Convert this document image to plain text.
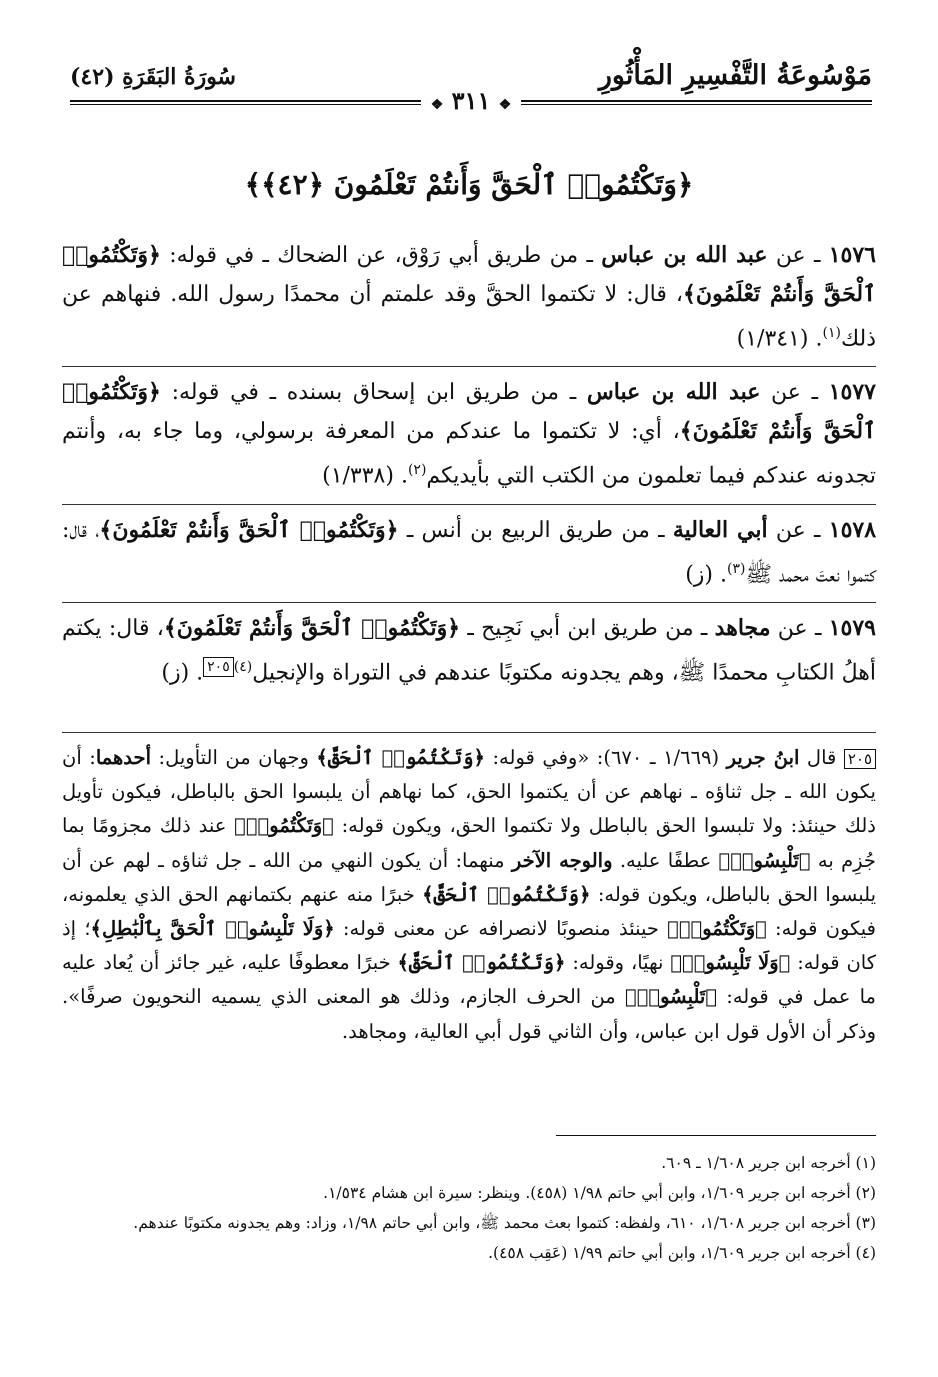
مَوْسُوعَةُ التَّفْسِيرِ المَأْثُورِ
سُورَةُ البَقَرَةِ (٤٢)
❖ ٣١١ ❖
﴿وَتَكْتُمُوا۟ ٱلْحَقَّ وَأَنتُمْ تَعْلَمُونَ ﴿٤٢﴾﴾

١٥٧٦ ـ عن عبد الله بن عباس ـ من طريق أبي رَوْق، عن الضحاك ـ في قوله: ﴿وَتَكْتُمُوا۟ ٱلْحَقَّ وَأَنتُمْ تَعْلَمُونَ﴾، قال: لا تكتموا الحقَّ وقد علمتم أن محمدًا رسول الله. فنهاهم عن ذلك$^{(١)}$. (١/٣٤١)

١٥٧٧ ـ عن عبد الله بن عباس ـ من طريق ابن إسحاق بسنده ـ في قوله: ﴿وَتَكْتُمُوا۟ ٱلْحَقَّ وَأَنتُمْ تَعْلَمُونَ﴾، أي: لا تكتموا ما عندكم من المعرفة برسولي، وما جاء به، وأنتم تجدونه عندكم فيما تعلمون من الكتب التي بأيديكم$^{(٢)}$. (١/٣٣٨)

١٥٧٨ ـ عن أبي العالية ـ من طريق الربيع بن أنس ـ ﴿وَتَكْتُمُوا۟ ٱلْحَقَّ وَأَنتُمْ تَعْلَمُونَ﴾، قال: كتموا نعتَ محمد ﷺ$^{(٣)}$. (ز)

١٥٧٩ ـ عن مجاهد ـ من طريق ابن أبي نَجِيح ـ ﴿وَتَكْتُمُوا۟ ٱلْحَقَّ وَأَنتُمْ تَعْلَمُونَ﴾، قال: يكتم أهلُ الكتابِ محمدًا ﷺ، وهم يجدونه مكتوبًا عندهم في التوراة والإنجيل$^{(٤)}$٢٠٥. (ز)

٢٠٥ قال ابنُ جرير (١/٦٦٩ ـ ٦٧٠): «وفي قوله: ﴿وَتَكْتُمُوا۟ ٱلْحَقَّ﴾ وجهان من التأويل: أحدهما: أن يكون الله ـ جل ثناؤه ـ نهاهم عن أن يكتموا الحق، كما نهاهم أن يلبسوا الحق بالباطل، فيكون تأويل ذلك حينئذ: ولا تلبسوا الحق بالباطل ولا تكتموا الحق، ويكون قوله: ﴿وَتَكْتُمُوا۟﴾ عند ذلك مجزومًا بما جُزِم به ﴿تَلْبِسُوا۟﴾ عطفًا عليه. والوجه الآخر منهما: أن يكون النهي من الله ـ جل ثناؤه ـ لهم عن أن يلبسوا الحق بالباطل، ويكون قوله: ﴿وَتَكْتُمُوا۟ ٱلْحَقَّ﴾ خبرًا منه عنهم بكتمانهم الحق الذي يعلمونه، فيكون قوله: ﴿وَتَكْتُمُوا۟﴾ حينئذ منصوبًا لانصرافه عن معنى قوله: ﴿وَلَا تَلْبِسُوا۟ ٱلْحَقَّ بِٱلْبَٰطِلِ﴾؛ إذ كان قوله: ﴿وَلَا تَلْبِسُوا۟﴾ نهيًا، وقوله: ﴿وَتَكْتُمُوا۟ ٱلْحَقَّ﴾ خبرًا معطوفًا عليه، غير جائز أن يُعاد عليه ما عمل في قوله: ﴿تَلْبِسُوا۟﴾ من الحرف الجازم، وذلك هو المعنى الذي يسميه النحويون صرفًا». وذكر أن الأول قول ابن عباس، وأن الثاني قول أبي العالية، ومجاهد.

(١) أخرجه ابن جرير ١/٦٠٨ ـ ٦٠٩.

(٢) أخرجه ابن جرير ١/٦٠٩، وابن أبي حاتم ١/٩٨ (٤٥٨). وينظر: سيرة ابن هشام ١/٥٣٤.

(٣) أخرجه ابن جرير ١/٦٠٨، ٦١٠، ولفظه: كتموا بعث محمد ﷺ، وابن أبي حاتم ١/٩٨، وزاد: وهم يجدونه مكتوبًا عندهم.

(٤) أخرجه ابن جرير ١/٦٠٩، وابن أبي حاتم ١/٩٩ (عَقِب ٤٥٨).
